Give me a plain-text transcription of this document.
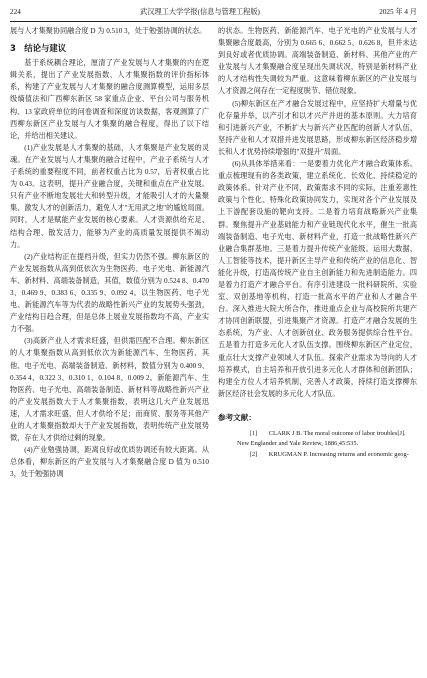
224	武汉理工大学学报(信息与管理工程版)	2025 年 4 月

展与人才集聚协同融合度 D 为 0.510 3，处于勉强协调的状态。

3　结论与建议

基于系统耦合理论，厘清了产业发展与人才集聚的内在逻辑关系，提出了产业发展指数、人才集聚指数的评价指标体系，构建了产业发展与人才集聚的融合度测算模型，运用多层级熵值法和广西柳东新区 58 家重点企业、平台公司与服务机构、13 家政府单位的问卷调查和深度访谈数据，客观测算了广西柳东新区产业发展与人才集聚的融合程度，得出了以下结论，并给出相关建议。

(1)产业发展是人才集聚的基础，人才集聚是产业发展的灵魂。在产业发展与人才集聚的融合过程中，产业子系统与人才子系统的重要程度不同，前者权重占比为 0.57，后者权重占比为 0.43。这表明，提升产业融合度，关键和重点在产业发展。只有产业不断地发展壮大和转型升级，才能吸引人才的大量聚集、激发人才的创新活力，避免人才"无用武之地"的尴尬局面。同时，人才是赋能产业发展的核心要素。人才资源供给充足、结构合理、散发活力，能够为产业的高质量发展提供不竭动力。

(2)产业结构正在提档升级，但实力仍然不强。柳东新区的产业发展指数从高到低依次为生物医药、电子光电、新能源汽车、新材料、高端装备制造，其值，数值分别为 0.524 8、0.470 3、0.469 9、0.383 6、0.335 9、0.092 4。以生物医药、电子光电、新能源汽车等为代表的战略性新兴产业的发展势头强劲，产业结构日趋合理，但是总体上展业发展指数均不高，产业实力不强。

(3)高新产业人才需求旺盛，但供需匹配不合理。柳东新区的人才集聚指数从高到低依次为新能源汽车、生物医药、其他、电子光电、高端装备制造、新材料，数值分别为 0.400 9、0.354 4、0.322 3、0.310 1、0.104 8、0.009 2。新能源汽车、生物医药、电子光电、高端装备制造、新材料等战略性新兴产业的产业发展指数大于人才集聚指数，表明这几大产业发展迅速，人才需求旺盛，但人才供给不足；而商贸、服务等其他产业的人才集聚指数却大于产业发展指数，表明传统产业发展势微，存在人才供给过剩的现象。

(4)产业勉强协调，距离良好或优质协调还有较大距离。从总体看，柳东新区的产业发展与人才集聚融合度 D 值为 0.510 3，处于勉强协调

的状态。生物医药、新能源汽车、电子光电的产业发展与人才集聚融合度最高，分别为 0.665 6、0.662 5、0.626 8，但并未达到良好或者优质协调。高端装备制造、新材料、其他产业的产业发展与人才集聚融合度呈现出失调状况，特别是新材料产业的人才结构性失调较为严重。这意味着柳东新区的产业发展与人才资源之间存在一定程度脱节、错位现象。

(5)柳东新区在产才融合发展过程中，应坚持扩大增量与优化存量并举，以产引才和以才兴产并进的基本原则。大力培育和引进新兴产业，不断扩大与新兴产业匹配的创新人才队伍，坚持产业和人才双措并进发展思路，形成柳东新区经济稳步增长和人才优势持续增强的"双提升"局面。

(6)从具体举措来看：一是要着力优化产才融合政策体系。重点梳理现有的各类政策，建立系统化、长效化、持续稳定的政策体系。针对产业不同，政策需求不同的实际，注重差惠性政策与个性化、特殊化政策协同发力，实现对各个产业发展及上下游配套设施的靶向支持。二是着力培育战略新兴产业集群。聚焦提升产业基础能力和产业链现代化水平，催生一批高端装备制造、电子光电、新材料产业，打造一批战略性新兴产业融合集群基地。三是着力提升传统产业能级。运用大数据、人工智能等技术，提升新区主导产业和传统产业的信息化、智能化升级，打造高传统产业自主创新能力和先进制造能力。四是着力打造产才融合平台。有序引进建设一批科研院所、实验室、双创基地等机构，打造一批高水平的产业和人才融合平台。深入推进大院大所合作，推进重点企业与高校院所共建产才协同创新联盟，引进集聚产才资源。打造产才融合发展的生态系统，为产业、人才创新创业、政务服务提供综合性平台。五是着力打造多元化人才队伍支撑。围绕柳东新区产业定位，重点壮大支撑产业领域人才队伍。探索产业需求为导向的人才培养模式，自主培养和开放引进多元化人才群体和创新团队；构建全方位人才培养机制，完善人才政策，持续打造支撑柳东新区经济社会发展的多元化人才队伍。

参考文献：

[1] CLARK J B. The moral outcome of labor troubles[J]. New Englander and Yale Review, 1886,45:535.

[2] KRUGMAN P. Increasing returns and economic geog-
